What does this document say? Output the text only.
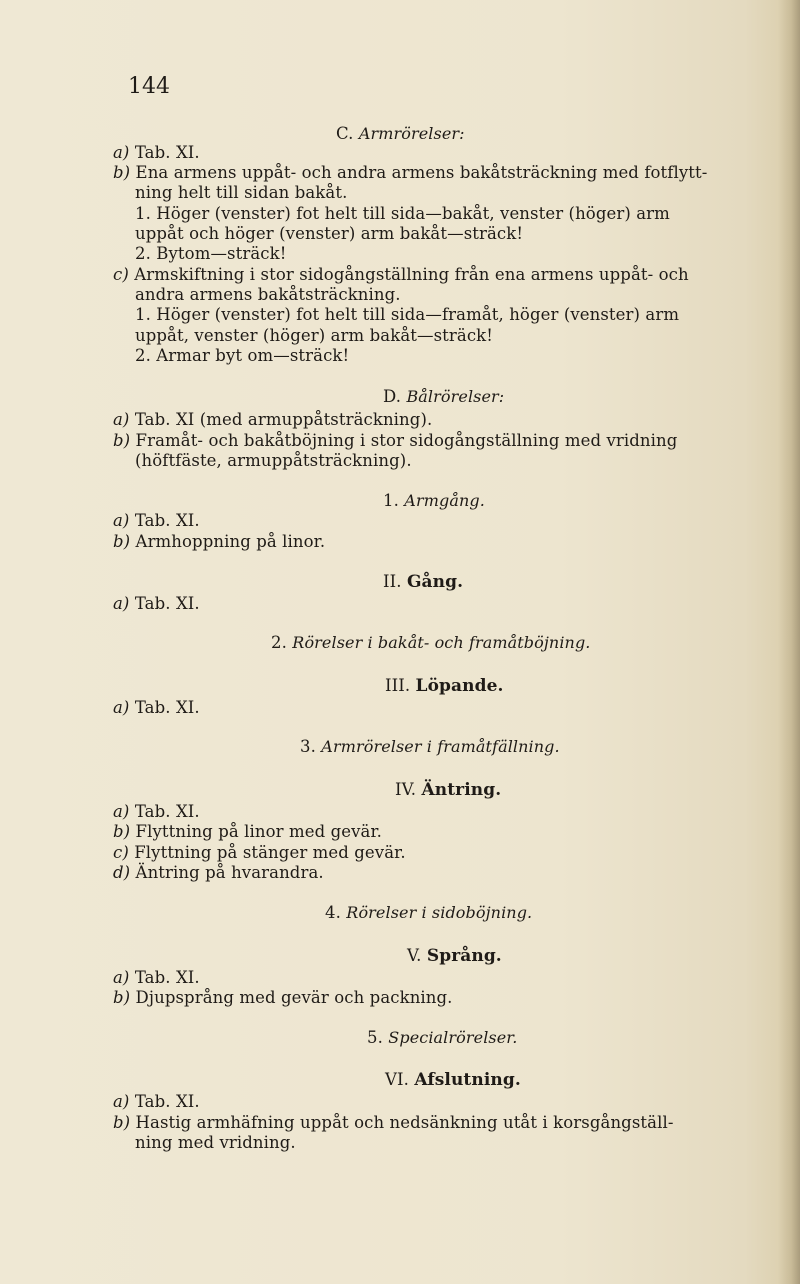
144
C. Armrörelser:
a) Tab. XI.
b) Ena armens uppåt- och andra armens bakåtsträckning med fotflytt-
ning helt till sidan bakåt.
1. Höger (venster) fot helt till sida—bakåt, venster (höger) arm
uppåt och höger (venster) arm bakåt—sträck!
2. Bytom—sträck!
c) Armskiftning i stor sidogångställning från ena armens uppåt- och
andra armens bakåtsträckning.
1. Höger (venster) fot helt till sida—framåt, höger (venster) arm
uppåt, venster (höger) arm bakåt—sträck!
2. Armar byt om—sträck!
D. Bålrörelser:
a) Tab. XI (med armuppåtsträckning).
b) Framåt- och bakåtböjning i stor sidogångställning med vridning
(höftfäste, armuppåtsträckning).
1. Armgång.
a) Tab. XI.
b) Armhoppning på linor.
II. Gång.
a) Tab. XI.
2. Rörelser i bakåt- och framåtböjning.
III. Löpande.
a) Tab. XI.
3. Armrörelser i framåtfällning.
IV. Äntring.
a) Tab. XI.
b) Flyttning på linor med gevär.
c) Flyttning på stänger med gevär.
d) Äntring på hvarandra.
4. Rörelser i sidoböjning.
V. Språng.
a) Tab. XI.
b) Djupsprång med gevär och packning.
5. Specialrörelser.
VI. Afslutning.
a) Tab. XI.
b) Hastig armhäfning uppåt och nedsänkning utåt i korsgångställ-
ning med vridning.
